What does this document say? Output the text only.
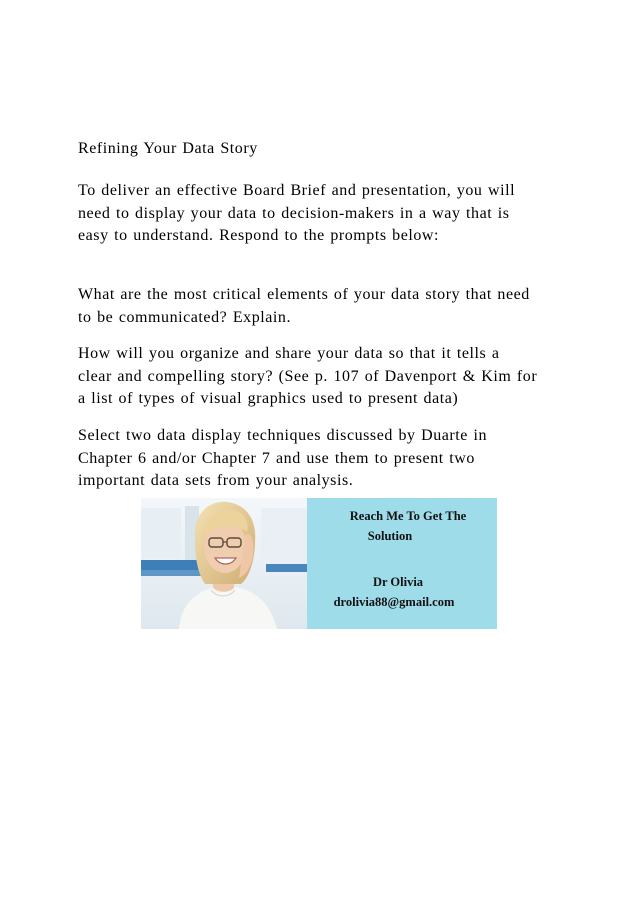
Refining Your Data Story

To deliver an effective Board Brief and presentation, you will
need to display your data to decision-makers in a way that is
easy to understand. Respond to the prompts below:

What are the most critical elements of your data story that need
to be communicated? Explain.

How will you organize and share your data so that it tells a
clear and compelling story? (See p. 107 of Davenport & Kim for
a list of types of visual graphics used to present data)

Select two data display techniques discussed by Duarte in
Chapter 6 and/or Chapter 7 and use them to present two
important data sets from your analysis.

Reach Me To Get The
Solution
Dr Olivia
drolivia88@gmail.com
